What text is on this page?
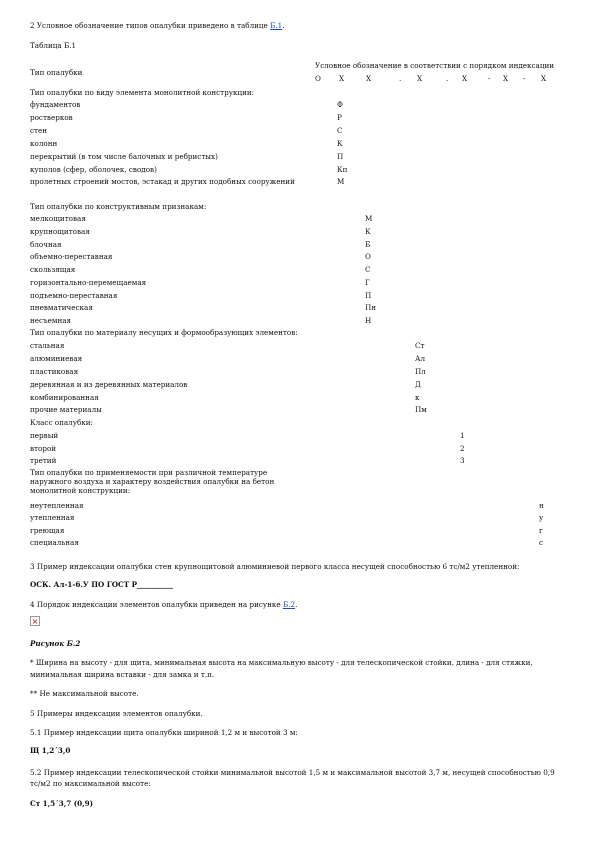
2 Условное обозначение типов опалубки приведено в таблице Б.1.
Таблица Б.1
Тип опалубки
Условное обозначение в соответствии с порядком индексации
О	Х	Х	. Х	. Х	- Х - Х
Тип опалубки по виду элемента монолитной конструкции:
фундаментов	Ф
ростверков	Р
стен	С
колонн	К
перекрытий (в том числе балочных и ребристых)	П
куполов (сфер, оболочек, сводов)	Кп
пролетных строений мостов, эстакад и других подобных сооружений	М
Тип опалубки по конструктивным признакам:
мелкощитовая	М
крупнощитовая	К
блочная	Б
объемно-переставная	О
скользящая	С
горизонтально-перемещаемая	Г
подъемно-переставная	П
пневматическая	Пн
несъемная	Н
Тип опалубки по материалу несущих и формообразующих элементов:
стальная	Ст
алюминиевая	Ал
пластиковая	Пл
деревянная и из деревянных материалов	Д
комбинированная	к
прочие материалы	Пм
Класс опалубки:
первый	1
второй	2
третий	3
Тип опалубки по применяемости при различной температуре
наружного воздуха и характеру воздействия опалубки на бетон
монолитной конструкции:
неутепленная	н
утепленная	у
греющая	г
специальная	с
3 Пример индексации опалубки стен крупнощитовой алюминиевой первого класса несущей способностью 6 тс/м2 утепленной:
ОСК. Ал-1-6.У ПО ГОСТ Р__________
4 Порядок индексации элементов опалубки приведен на рисунке Б.2.
×
Рисунок Б.2
* Ширина на высоту - для щита, минимальная высота на максимальную высоту - для телескопической стойки, длина - для стяжки,
минимальная ширина вставки - для замка и т.п.
** Не максимальной высоте.
5 Примеры индексации элементов опалубки.
5.1 Пример индексации щита опалубки шириной 1,2 м и высотой 3 м:
Щ 1,2´3,0
5.2 Пример индексации телескопической стойки минимальной высотой 1,5 м и максимальной высотой 3,7 м, несущей способностью 0,9
тс/м2 по максимальной высоте:
Ст 1,5´3,7 (0,9)
